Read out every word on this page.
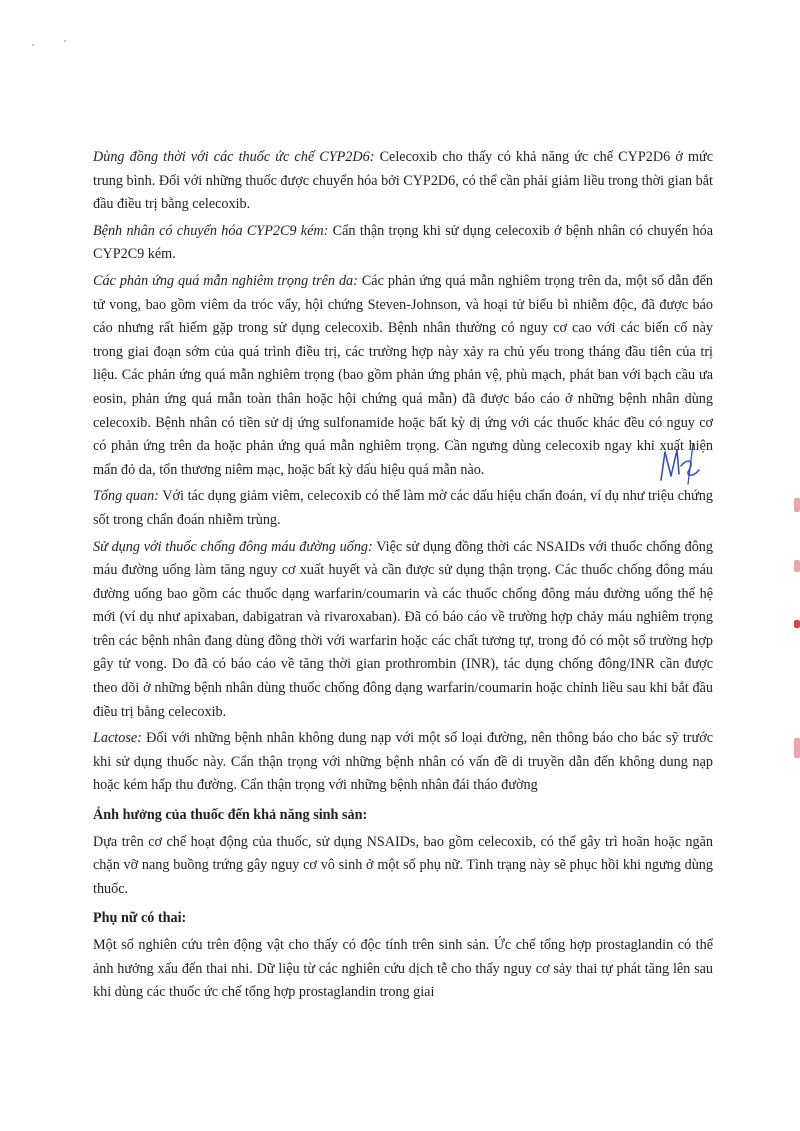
Dùng đồng thời với các thuốc ức chế CYP2D6: Celecoxib cho thấy có khả năng ức chế CYP2D6 ở mức trung bình. Đối với những thuốc được chuyển hóa bởi CYP2D6, có thể cần phải giảm liều trong thời gian bắt đầu điều trị bằng celecoxib.

Bệnh nhân có chuyển hóa CYP2C9 kém: Cẩn thận trọng khi sử dụng celecoxib ở bệnh nhân có chuyển hóa CYP2C9 kém.

Các phản ứng quá mẫn nghiêm trọng trên da: Các phản ứng quá mẫn nghiêm trọng trên da, một số dẫn đến tử vong, bao gồm viêm da tróc vẩy, hội chứng Steven-Johnson, và hoại tử biểu bì nhiễm độc, đã được báo cáo nhưng rất hiếm gặp trong sử dụng celecoxib. Bệnh nhân thường có nguy cơ cao với các biến cố này trong giai đoạn sớm của quá trình điều trị, các trường hợp này xảy ra chủ yếu trong tháng đầu tiên của trị liệu. Các phản ứng quá mẫn nghiêm trọng (bao gồm phản ứng phản vệ, phù mạch, phát ban với bạch cầu ưa eosin, phản ứng quá mẫn toàn thân hoặc hội chứng quá mẫn) đã được báo cáo ở những bệnh nhân dùng celecoxib. Bệnh nhân có tiền sử dị ứng sulfonamide hoặc bất kỳ dị ứng với các thuốc khác đều có nguy cơ có phản ứng trên da hoặc phản ứng quá mẫn nghiêm trọng. Cần ngưng dùng celecoxib ngay khi xuất hiện mẩn đỏ da, tổn thương niêm mạc, hoặc bất kỳ dấu hiệu quá mẫn nào.

Tổng quan: Với tác dụng giảm viêm, celecoxib có thể làm mờ các dấu hiệu chẩn đoán, ví dụ như triệu chứng sốt trong chẩn đoán nhiễm trùng.

Sử dụng với thuốc chống đông máu đường uống: Việc sử dụng đồng thời các NSAIDs với thuốc chống đông máu đường uống làm tăng nguy cơ xuất huyết và cần được sử dụng thận trọng. Các thuốc chống đông máu đường uống bao gồm các thuốc dạng warfarin/coumarin và các thuốc chống đông máu đường uống thế hệ mới (ví dụ như apixaban, dabigatran và rivaroxaban). Đã có báo cáo về trường hợp chảy máu nghiêm trọng trên các bệnh nhân đang dùng đồng thời với warfarin hoặc các chất tương tự, trong đó có một số trường hợp gây tử vong. Do đã có báo cáo về tăng thời gian prothrombin (INR), tác dụng chống đông/INR cần được theo dõi ở những bệnh nhân dùng thuốc chống đông dạng warfarin/coumarin hoặc chỉnh liều sau khi bắt đầu điều trị bằng celecoxib.

Lactose: Đối với những bệnh nhân không dung nạp với một số loại đường, nên thông báo cho bác sỹ trước khi sử dụng thuốc này. Cẩn thận trọng với những bệnh nhân có vấn đề di truyền dẫn đến không dung nạp hoặc kém hấp thu đường. Cẩn thận trọng với những bệnh nhân đái tháo đường

Ảnh hưởng của thuốc đến khả năng sinh sản:

Dựa trên cơ chế hoạt động của thuốc, sử dụng NSAIDs, bao gồm celecoxib, có thể gây trì hoãn hoặc ngăn chặn vỡ nang buồng trứng gây nguy cơ vô sinh ở một số phụ nữ. Tình trạng này sẽ phục hồi khi ngưng dùng thuốc.

Phụ nữ có thai:

Một số nghiên cứu trên động vật cho thấy có độc tính trên sinh sản. Ức chế tổng hợp prostaglandin có thể ảnh hưởng xấu đến thai nhi. Dữ liệu từ các nghiên cứu dịch tễ cho thấy nguy cơ sảy thai tự phát tăng lên sau khi dùng các thuốc ức chế tổng hợp prostaglandin trong giai
